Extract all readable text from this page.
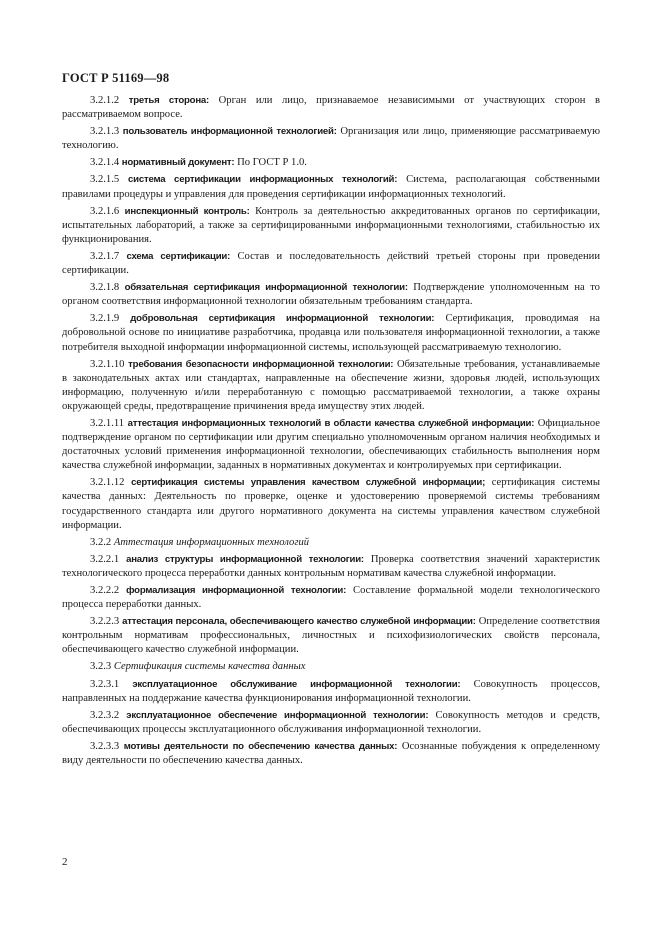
ГОСТ Р 51169—98

3.2.1.2 третья сторона: Орган или лицо, признаваемое независимыми от участвующих сторон в рассматриваемом вопросе.

3.2.1.3 пользователь информационной технологией: Организация или лицо, применяющие рассматриваемую технологию.

3.2.1.4 нормативный документ: По ГОСТ Р 1.0.

3.2.1.5 система сертификации информационных технологий: Система, располагающая собственными правилами процедуры и управления для проведения сертификации информационных технологий.

3.2.1.6 инспекционный контроль: Контроль за деятельностью аккредитованных органов по сертификации, испытательных лабораторий, а также за сертифицированными информационными технологиями, стабильностью их функционирования.

3.2.1.7 схема сертификации: Состав и последовательность действий третьей стороны при проведении сертификации.

3.2.1.8 обязательная сертификация информационной технологии: Подтверждение уполномоченным на то органом соответствия информационной технологии обязательным требованиям стандарта.

3.2.1.9 добровольная сертификация информационной технологии: Сертификация, проводимая на добровольной основе по инициативе разработчика, продавца или пользователя информационной технологии, а также потребителя выходной информации информационной системы, использующей рассматриваемую технологию.

3.2.1.10 требования безопасности информационной технологии: Обязательные требования, устанавливаемые в законодательных актах или стандартах, направленные на обеспечение жизни, здоровья людей, использующих информацию, полученную и/или переработанную с помощью рассматриваемой технологии, а также охраны окружающей среды, предотвращение причинения вреда имуществу этих людей.

3.2.1.11 аттестация информационных технологий в области качества служебной информации: Официальное подтверждение органом по сертификации или другим специально уполномоченным органом наличия необходимых и достаточных условий применения информационной технологии, обеспечивающих стабильность выполнения норм качества служебной информации, заданных в нормативных документах и контролируемых при сертификации.

3.2.1.12 сертификация системы управления качеством служебной информации; сертификация системы качества данных: Деятельность по проверке, оценке и удостоверению проверяемой системы требованиям государственного стандарта или другого нормативного документа на системы управления качеством служебной информации.

3.2.2 Аттестация информационных технологий

3.2.2.1 анализ структуры информационной технологии: Проверка соответствия значений характеристик технологического процесса переработки данных контрольным нормативам качества служебной информации.

3.2.2.2 формализация информационной технологии: Составление формальной модели технологического процесса переработки данных.

3.2.2.3 аттестация персонала, обеспечивающего качество служебной информации: Определение соответствия контрольным нормативам профессиональных, личностных и психофизиологических свойств персонала, обеспечивающего качество служебной информации.

3.2.3 Сертификация системы качества данных

3.2.3.1 эксплуатационное обслуживание информационной технологии: Совокупность процессов, направленных на поддержание качества функционирования информационной технологии.

3.2.3.2 эксплуатационное обеспечение информационной технологии: Совокупность методов и средств, обеспечивающих процессы эксплуатационного обслуживания информационной технологии.

3.2.3.3 мотивы деятельности по обеспечению качества данных: Осознанные побуждения к определенному виду деятельности по обеспечению качества данных.

2
